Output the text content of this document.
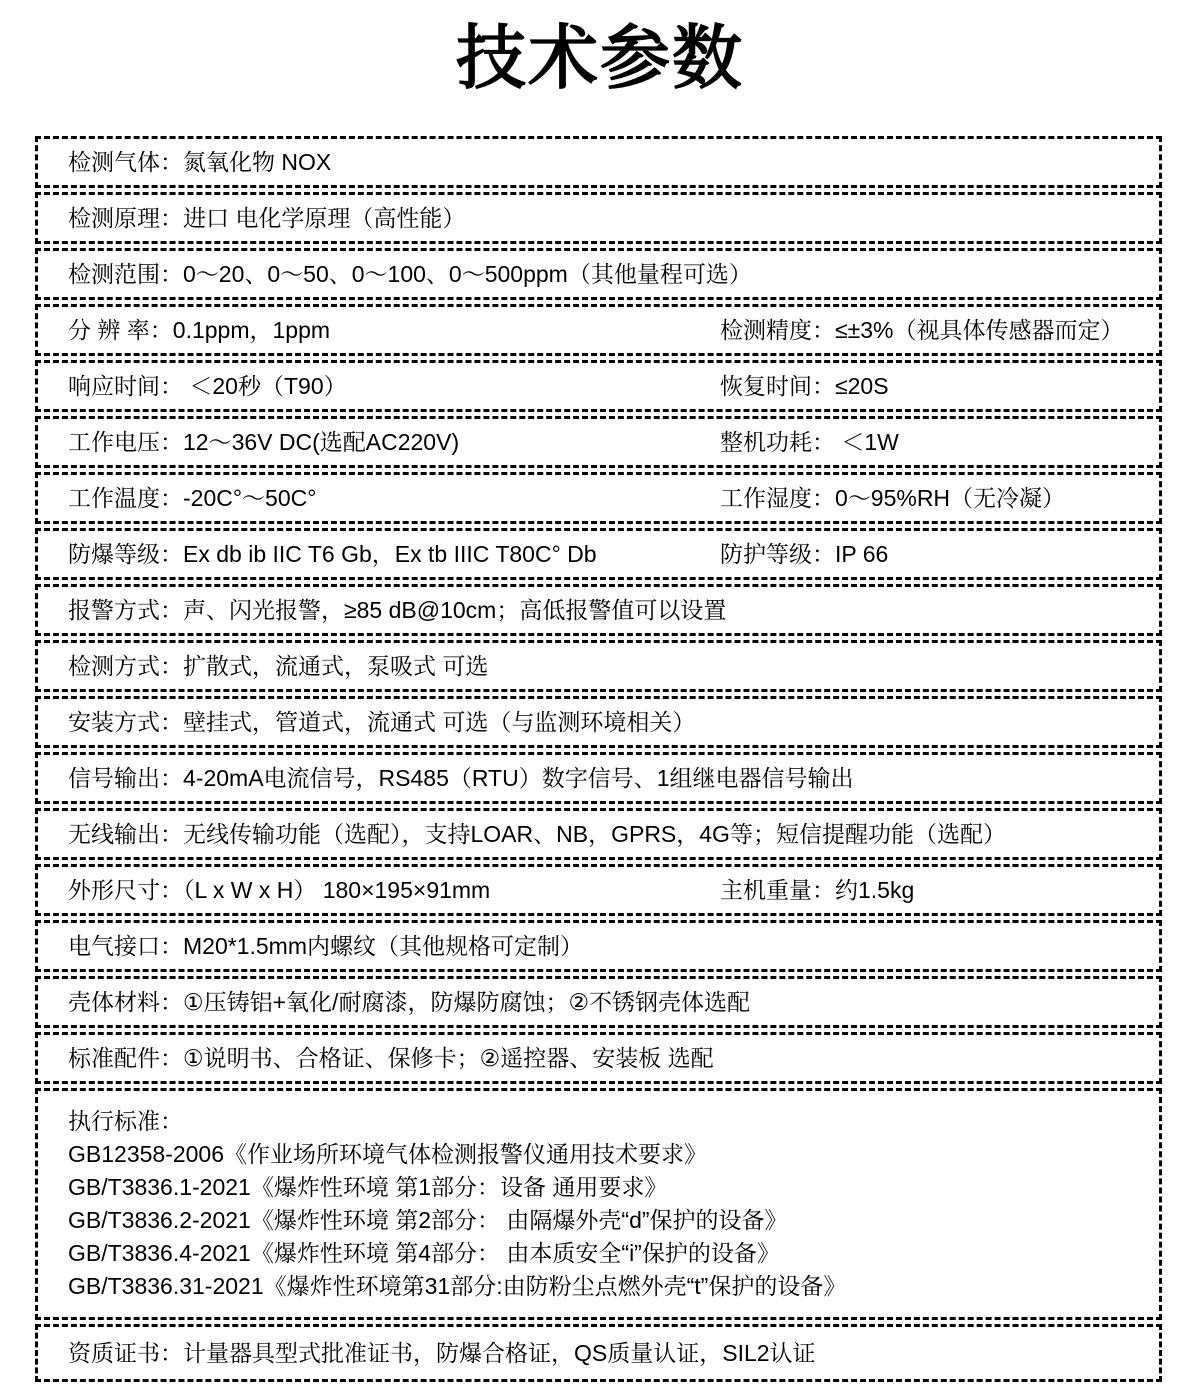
技术参数
检测气体：氮氧化物 NOX
检测原理：进口 电化学原理（高性能）
检测范围：0～20、0～50、0～100、0～500ppm（其他量程可选）
分 辨 率：0.1ppm，1ppm	检测精度：≤±3%（视具体传感器而定）
响应时间： ＜20秒（T90）	恢复时间：≤20S
工作电压：12～36V DC(选配AC220V)	整机功耗： ＜1W
工作温度：-20C°～50C°	工作湿度：0～95%RH（无冷凝）
防爆等级：Ex db ib IIC T6 Gb，Ex tb IIIC T80C° Db	防护等级：IP 66
报警方式：声、闪光报警，≥85 dB@10cm；高低报警值可以设置
检测方式：扩散式，流通式，泵吸式 可选
安装方式：壁挂式，管道式，流通式 可选（与监测环境相关）
信号输出：4-20mA电流信号，RS485（RTU）数字信号、1组继电器信号输出
无线输出：无线传输功能（选配），支持LOAR、NB，GPRS，4G等；短信提醒功能（选配）
外形尺寸：（L x W x H） 180×195×91mm	主机重量：约1.5kg
电气接口：M20*1.5mm内螺纹（其他规格可定制）
壳体材料：①压铸铝+氧化/耐腐漆，防爆防腐蚀；②不锈钢壳体选配
标准配件：①说明书、合格证、保修卡；②遥控器、安装板 选配
执行标准：
GB12358-2006《作业场所环境气体检测报警仪通用技术要求》
GB/T3836.1-2021《爆炸性环境 第1部分：设备 通用要求》
GB/T3836.2-2021《爆炸性环境 第2部分： 由隔爆外壳“d”保护的设备》
GB/T3836.4-2021《爆炸性环境 第4部分： 由本质安全“i”保护的设备》
GB/T3836.31-2021《爆炸性环境第31部分:由防粉尘点燃外壳“t”保护的设备》
资质证书：计量器具型式批准证书，防爆合格证，QS质量认证，SIL2认证
